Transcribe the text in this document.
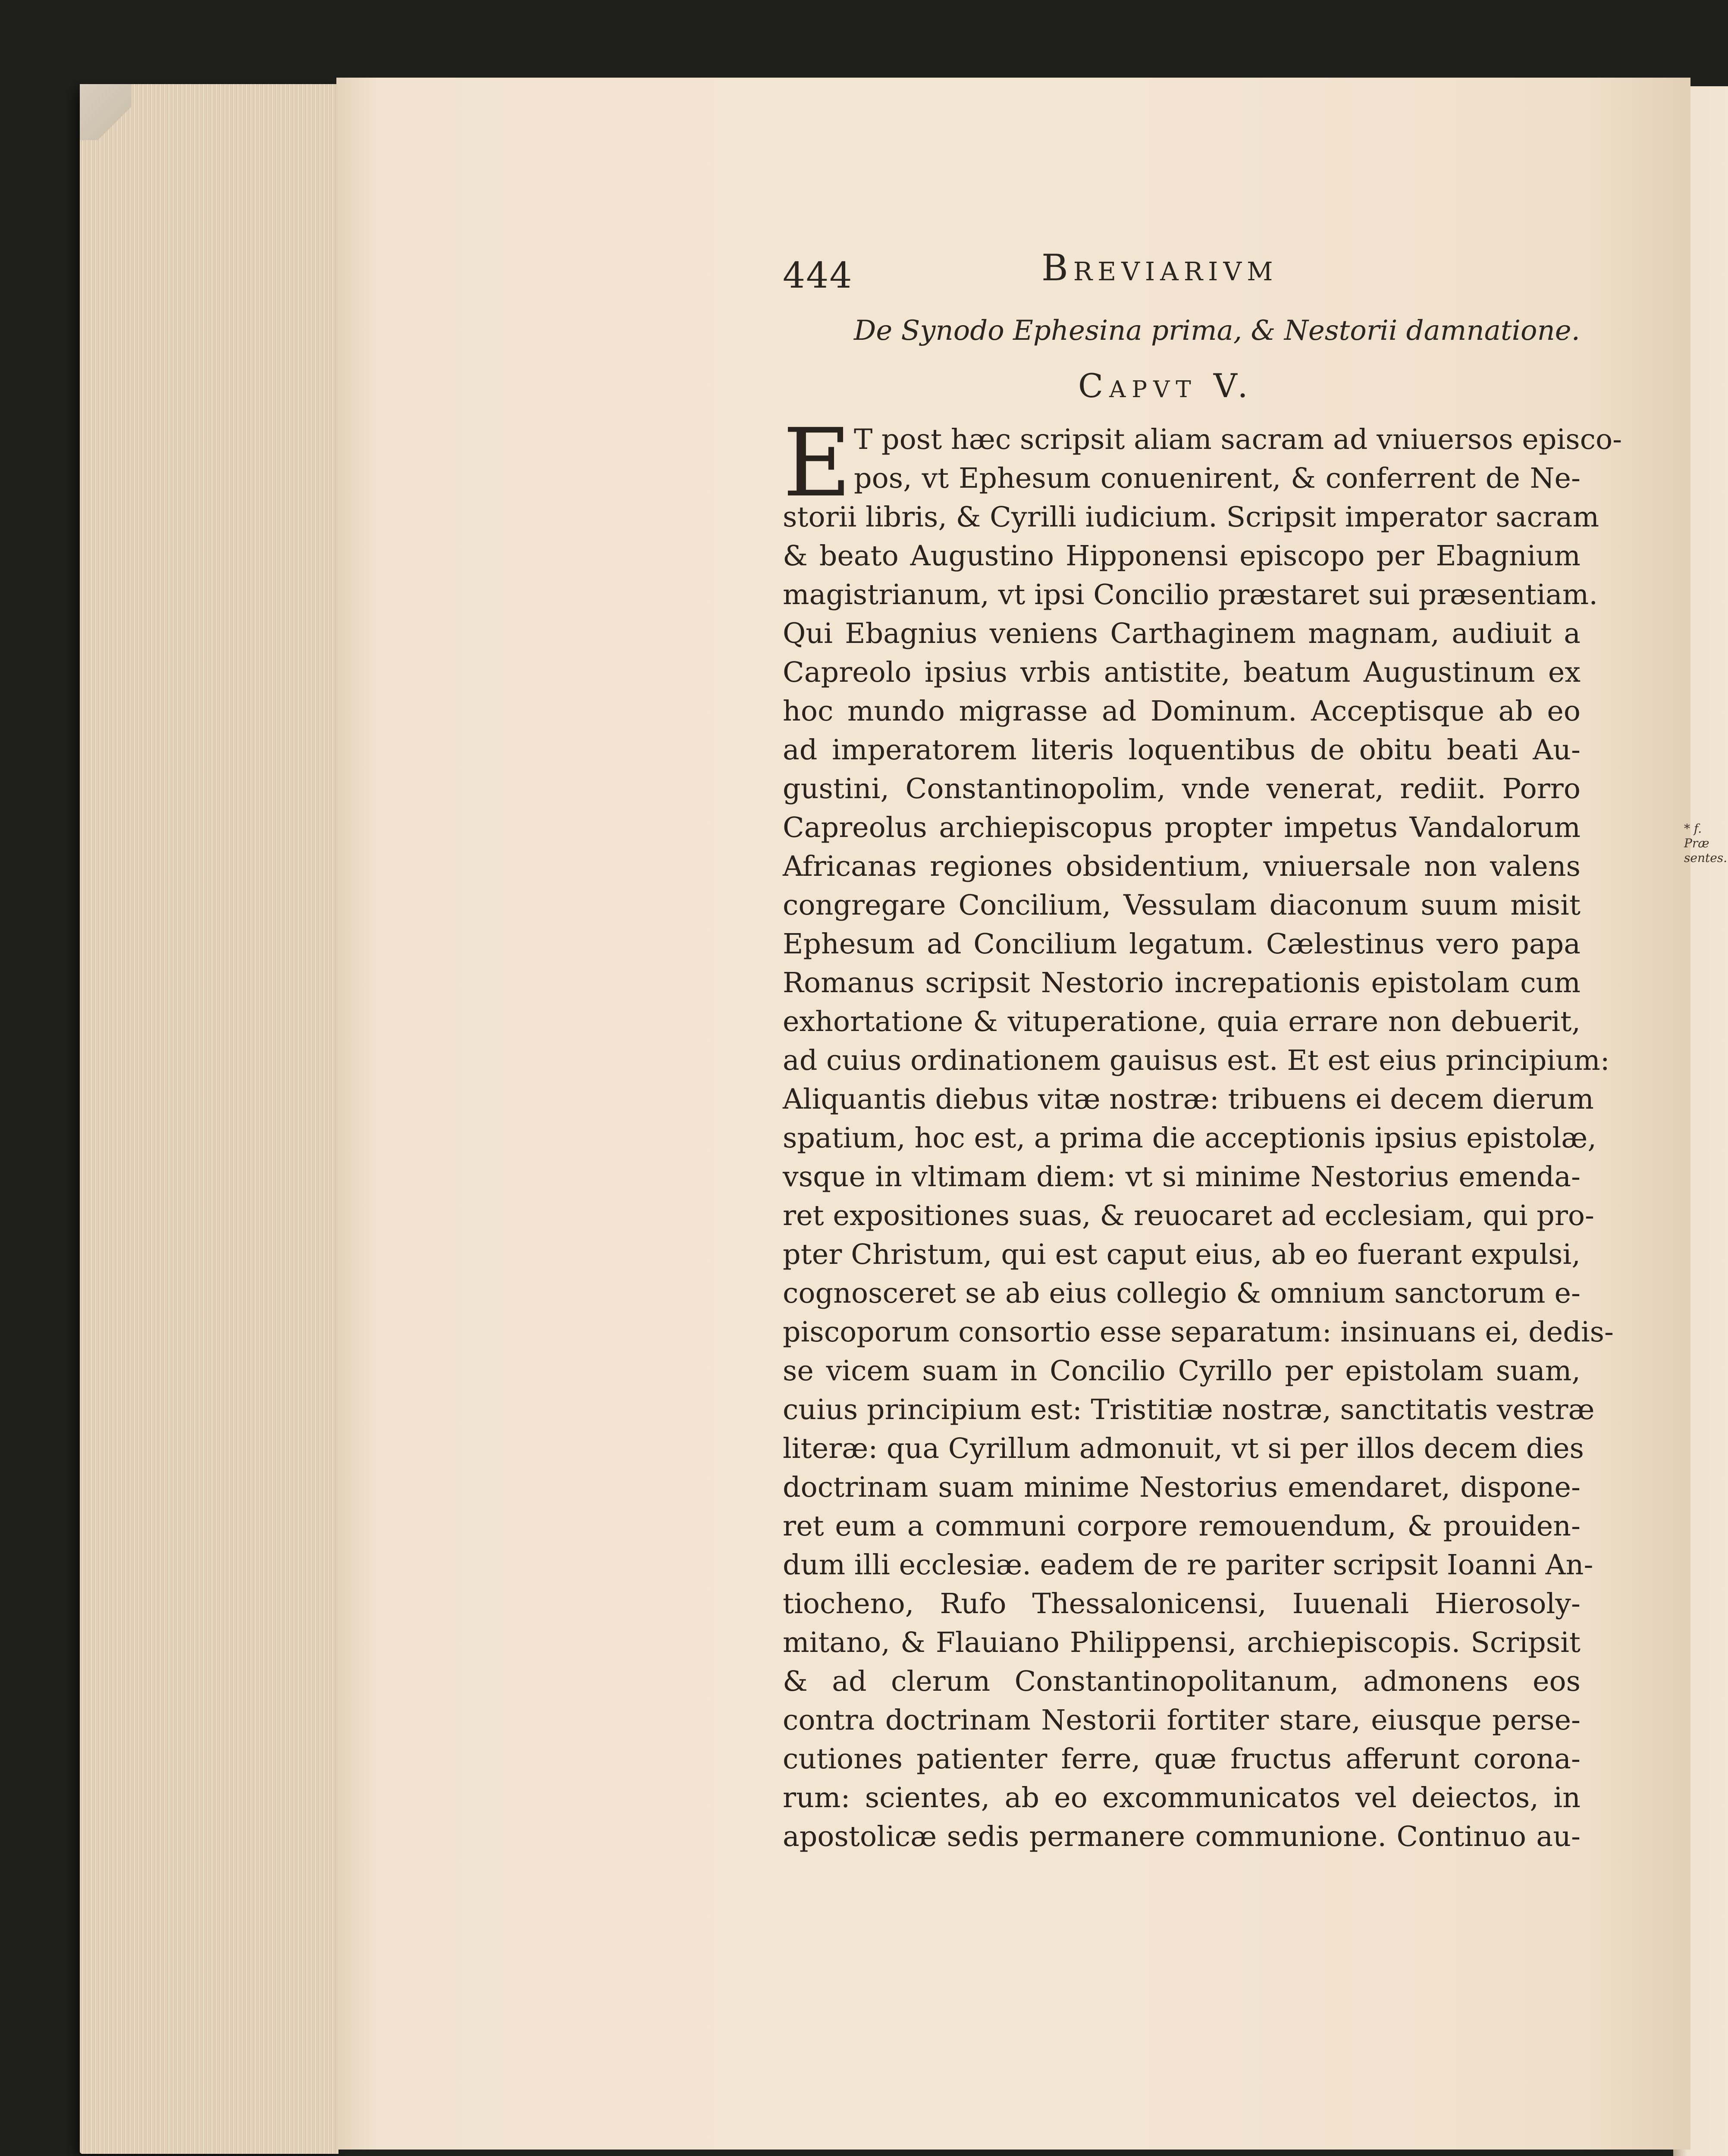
444	Breviarivm
De Synodo Ephesina prima, & Nestorii damnatione.
Capvt V.
E T post hæc scripsit aliam sacram ad vniuersos episco-
pos, vt Ephesum conuenirent, & conferrent de Ne-
storii libris, & Cyrilli iudicium. Scripsit imperator sacram
& beato Augustino Hipponensi episcopo per Ebagnium
magistrianum, vt ipsi Concilio præstaret sui præsentiam.
Qui Ebagnius veniens Carthaginem magnam, audiuit a
Capreolo ipsius vrbis antistite, beatum Augustinum ex
hoc mundo migrasse ad Dominum. Acceptisque ab eo
ad imperatorem literis loquentibus de obitu beati Au-
gustini, Constantinopolim, vnde venerat, rediit. Porro
Capreolus archiepiscopus propter impetus Vandalorum
Africanas regiones obsidentium, vniuersale non valens
congregare Concilium, Vessulam diaconum suum misit
Ephesum ad Concilium legatum. Cælestinus vero papa
Romanus scripsit Nestorio increpationis epistolam cum
exhortatione & vituperatione, quia errare non debuerit,
ad cuius ordinationem gauisus est. Et est eius principium:
Aliquantis diebus vitæ nostræ: tribuens ei decem dierum
spatium, hoc est, a prima die acceptionis ipsius epistolæ,
vsque in vltimam diem: vt si minime Nestorius emenda-
ret expositiones suas, & reuocaret ad ecclesiam, qui pro-
pter Christum, qui est caput eius, ab eo fuerant expulsi,
cognosceret se ab eius collegio & omnium sanctorum e-
piscoporum consortio esse separatum: insinuans ei, dedis-
se vicem suam in Concilio Cyrillo per epistolam suam,
cuius principium est: Tristitiæ nostræ, sanctitatis vestræ
literæ: qua Cyrillum admonuit, vt si per illos decem dies
doctrinam suam minime Nestorius emendaret, dispone-
ret eum a communi corpore remouendum, & prouiden-
dum illi ecclesiæ. eadem de re pariter scripsit Ioanni An-
tiocheno, Rufo Thessalonicensi, Iuuenali Hierosoly-
mitano, & Flauiano Philippensi, archiepiscopis. Scripsit
& ad clerum Constantinopolitanum, admonens eos
contra doctrinam Nestorii fortiter stare, eiusque perse-
cutiones patienter ferre, quæ fructus afferunt corona-
rum: scientes, ab eo excommunicatos vel deiectos, in
apostolicæ sedis permanere communione. Continuo au-
* f. Præ
sentes.
